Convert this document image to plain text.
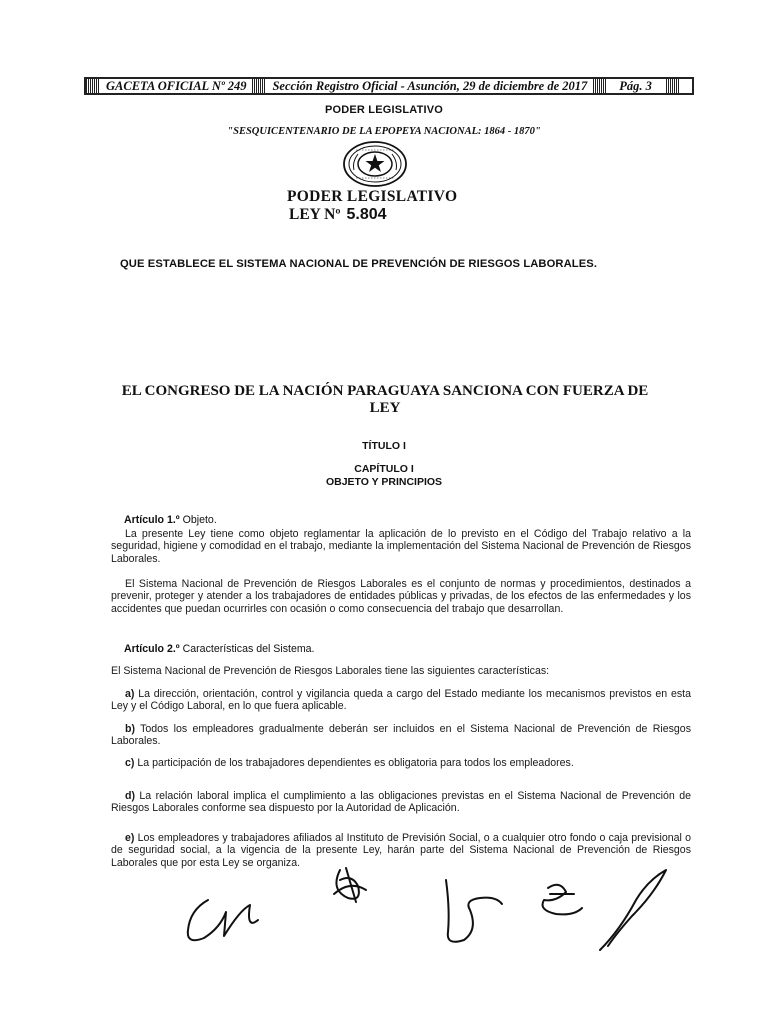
GACETA OFICIAL Nº 249	Sección Registro Oficial - Asunción, 29 de diciembre de 2017	Pág. 3
PODER LEGISLATIVO
"SESQUICENTENARIO DE LA EPOPEYA NACIONAL: 1864 - 1870"
PODER LEGISLATIVO
LEY Nº 5.804
QUE ESTABLECE EL SISTEMA NACIONAL DE PREVENCIÓN DE RIESGOS LABORALES.
EL CONGRESO DE LA NACIÓN PARAGUAYA SANCIONA CON FUERZA DE
LEY
TÍTULO I
CAPÍTULO I
OBJETO Y PRINCIPIOS
Artículo 1.º Objeto.

La presente Ley tiene como objeto reglamentar la aplicación de lo previsto en el Código del Trabajo relativo a la seguridad, higiene y comodidad en el trabajo, mediante la implementación del Sistema Nacional de Prevención de Riesgos Laborales.

El Sistema Nacional de Prevención de Riesgos Laborales es el conjunto de normas y procedimientos, destinados a prevenir, proteger y atender a los trabajadores de entidades públicas y privadas, de los efectos de las enfermedades y los accidentes que puedan ocurrirles con ocasión o como consecuencia del trabajo que desarrollan.

Artículo 2.º Características del Sistema.

El Sistema Nacional de Prevención de Riesgos Laborales tiene las siguientes características:

a) La dirección, orientación, control y vigilancia queda a cargo del Estado mediante los mecanismos previstos en esta Ley y el Código Laboral, en lo que fuera aplicable.

b) Todos los empleadores gradualmente deberán ser incluidos en el Sistema Nacional de Prevención de Riesgos Laborales.

c) La participación de los trabajadores dependientes es obligatoria para todos los empleadores.

d) La relación laboral implica el cumplimiento a las obligaciones previstas en el Sistema Nacional de Prevención de Riesgos Laborales conforme sea dispuesto por la Autoridad de Aplicación.

e) Los empleadores y trabajadores afiliados al Instituto de Previsión Social, o a cualquier otro fondo o caja previsional o de seguridad social, a la vigencia de la presente Ley, harán parte del Sistema Nacional de Prevención de Riesgos Laborales que por esta Ley se organiza.
